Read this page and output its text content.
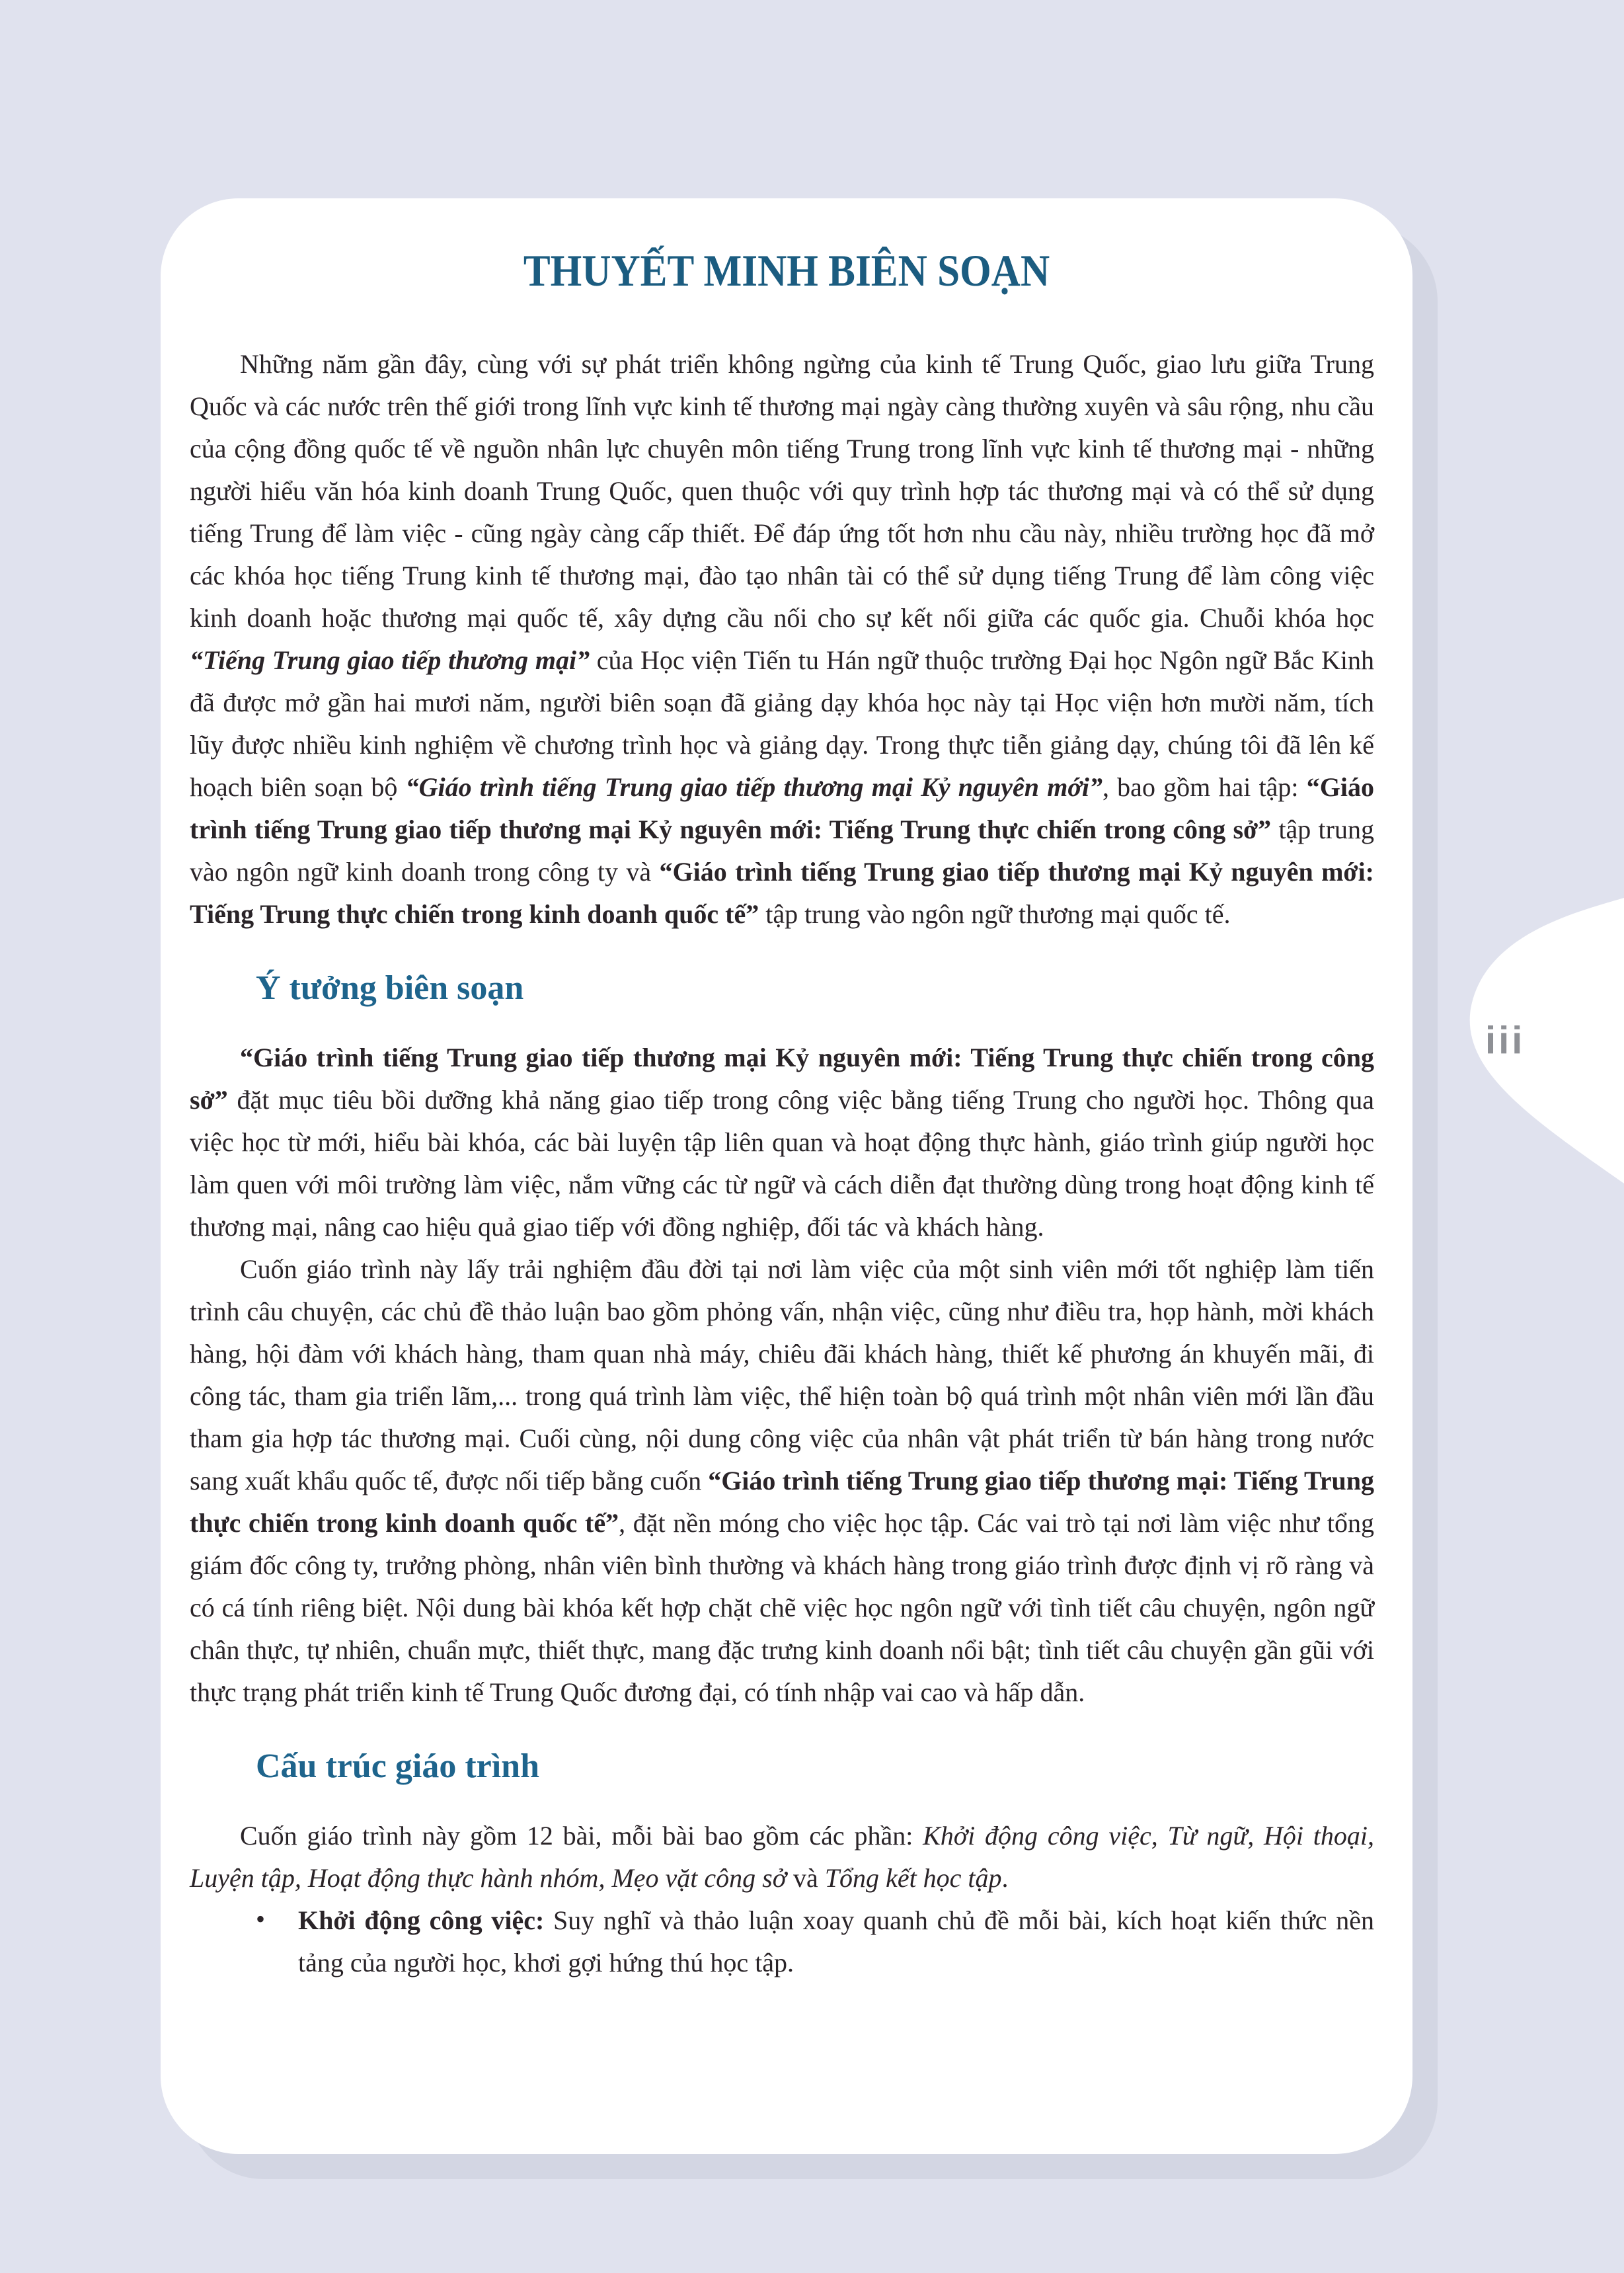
THUYẾT MINH BIÊN SOẠN

Những năm gần đây, cùng với sự phát triển không ngừng của kinh tế Trung Quốc, giao lưu giữa Trung Quốc và các nước trên thế giới trong lĩnh vực kinh tế thương mại ngày càng thường xuyên và sâu rộng, nhu cầu của cộng đồng quốc tế về nguồn nhân lực chuyên môn tiếng Trung trong lĩnh vực kinh tế thương mại - những người hiểu văn hóa kinh doanh Trung Quốc, quen thuộc với quy trình hợp tác thương mại và có thể sử dụng tiếng Trung để làm việc - cũng ngày càng cấp thiết. Để đáp ứng tốt hơn nhu cầu này, nhiều trường học đã mở các khóa học tiếng Trung kinh tế thương mại, đào tạo nhân tài có thể sử dụng tiếng Trung để làm công việc kinh doanh hoặc thương mại quốc tế, xây dựng cầu nối cho sự kết nối giữa các quốc gia. Chuỗi khóa học “Tiếng Trung giao tiếp thương mại” của Học viện Tiến tu Hán ngữ thuộc trường Đại học Ngôn ngữ Bắc Kinh đã được mở gần hai mươi năm, người biên soạn đã giảng dạy khóa học này tại Học viện hơn mười năm, tích lũy được nhiều kinh nghiệm về chương trình học và giảng dạy. Trong thực tiễn giảng dạy, chúng tôi đã lên kế hoạch biên soạn bộ “Giáo trình tiếng Trung giao tiếp thương mại Kỷ nguyên mới”, bao gồm hai tập: “Giáo trình tiếng Trung giao tiếp thương mại Kỷ nguyên mới: Tiếng Trung thực chiến trong công sở” tập trung vào ngôn ngữ kinh doanh trong công ty và “Giáo trình tiếng Trung giao tiếp thương mại Kỷ nguyên mới: Tiếng Trung thực chiến trong kinh doanh quốc tế” tập trung vào ngôn ngữ thương mại quốc tế.

Ý tưởng biên soạn

“Giáo trình tiếng Trung giao tiếp thương mại Kỷ nguyên mới: Tiếng Trung thực chiến trong công sở” đặt mục tiêu bồi dưỡng khả năng giao tiếp trong công việc bằng tiếng Trung cho người học. Thông qua việc học từ mới, hiểu bài khóa, các bài luyện tập liên quan và hoạt động thực hành, giáo trình giúp người học làm quen với môi trường làm việc, nắm vững các từ ngữ và cách diễn đạt thường dùng trong hoạt động kinh tế thương mại, nâng cao hiệu quả giao tiếp với đồng nghiệp, đối tác và khách hàng.

Cuốn giáo trình này lấy trải nghiệm đầu đời tại nơi làm việc của một sinh viên mới tốt nghiệp làm tiến trình câu chuyện, các chủ đề thảo luận bao gồm phỏng vấn, nhận việc, cũng như điều tra, họp hành, mời khách hàng, hội đàm với khách hàng, tham quan nhà máy, chiêu đãi khách hàng, thiết kế phương án khuyến mãi, đi công tác, tham gia triển lãm,... trong quá trình làm việc, thể hiện toàn bộ quá trình một nhân viên mới lần đầu tham gia hợp tác thương mại. Cuối cùng, nội dung công việc của nhân vật phát triển từ bán hàng trong nước sang xuất khẩu quốc tế, được nối tiếp bằng cuốn “Giáo trình tiếng Trung giao tiếp thương mại: Tiếng Trung thực chiến trong kinh doanh quốc tế”, đặt nền móng cho việc học tập. Các vai trò tại nơi làm việc như tổng giám đốc công ty, trưởng phòng, nhân viên bình thường và khách hàng trong giáo trình được định vị rõ ràng và có cá tính riêng biệt. Nội dung bài khóa kết hợp chặt chẽ việc học ngôn ngữ với tình tiết câu chuyện, ngôn ngữ chân thực, tự nhiên, chuẩn mực, thiết thực, mang đặc trưng kinh doanh nổi bật; tình tiết câu chuyện gần gũi với thực trạng phát triển kinh tế Trung Quốc đương đại, có tính nhập vai cao và hấp dẫn.

Cấu trúc giáo trình

Cuốn giáo trình này gồm 12 bài, mỗi bài bao gồm các phần: Khởi động công việc, Từ ngữ, Hội thoại, Luyện tập, Hoạt động thực hành nhóm, Mẹo vặt công sở và Tổng kết học tập.

• Khởi động công việc: Suy nghĩ và thảo luận xoay quanh chủ đề mỗi bài, kích hoạt kiến thức nền tảng của người học, khơi gợi hứng thú học tập.

iii
